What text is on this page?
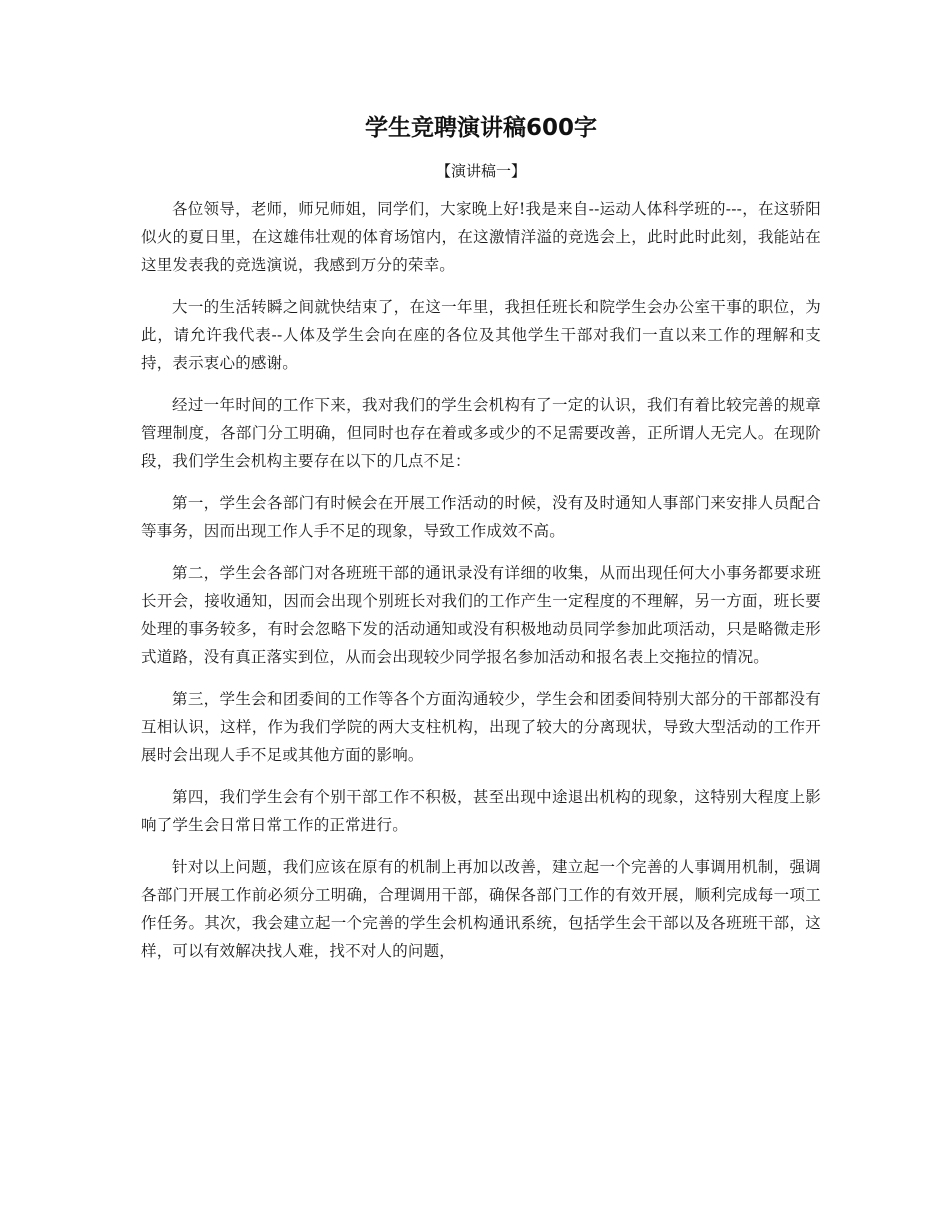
学生竞聘演讲稿600字
【演讲稿一】

各位领导，老师，师兄师姐，同学们，大家晚上好!我是来自--运动人体科学班的---，在这骄阳似火的夏日里，在这雄伟壮观的体育场馆内，在这激情洋溢的竞选会上，此时此时此刻，我能站在这里发表我的竞选演说，我感到万分的荣幸。

大一的生活转瞬之间就快结束了，在这一年里，我担任班长和院学生会办公室干事的职位，为此，请允许我代表--人体及学生会向在座的各位及其他学生干部对我们一直以来工作的理解和支持，表示衷心的感谢。

经过一年时间的工作下来，我对我们的学生会机构有了一定的认识，我们有着比较完善的规章管理制度，各部门分工明确，但同时也存在着或多或少的不足需要改善，正所谓人无完人。在现阶段，我们学生会机构主要存在以下的几点不足：

第一，学生会各部门有时候会在开展工作活动的时候，没有及时通知人事部门来安排人员配合等事务，因而出现工作人手不足的现象，导致工作成效不高。

第二，学生会各部门对各班班干部的通讯录没有详细的收集，从而出现任何大小事务都要求班长开会，接收通知，因而会出现个别班长对我们的工作产生一定程度的不理解，另一方面，班长要处理的事务较多，有时会忽略下发的活动通知或没有积极地动员同学参加此项活动，只是略微走形式道路，没有真正落实到位，从而会出现较少同学报名参加活动和报名表上交拖拉的情况。

第三，学生会和团委间的工作等各个方面沟通较少，学生会和团委间特别大部分的干部都没有互相认识，这样，作为我们学院的两大支柱机构，出现了较大的分离现状，导致大型活动的工作开展时会出现人手不足或其他方面的影响。

第四，我们学生会有个别干部工作不积极，甚至出现中途退出机构的现象，这特别大程度上影响了学生会日常日常工作的正常进行。

针对以上问题，我们应该在原有的机制上再加以改善，建立起一个完善的人事调用机制，强调各部门开展工作前必须分工明确，合理调用干部，确保各部门工作的有效开展，顺利完成每一项工作任务。其次，我会建立起一个完善的学生会机构通讯系统，包括学生会干部以及各班班干部，这样，可以有效解决找人难，找不对人的问题，
